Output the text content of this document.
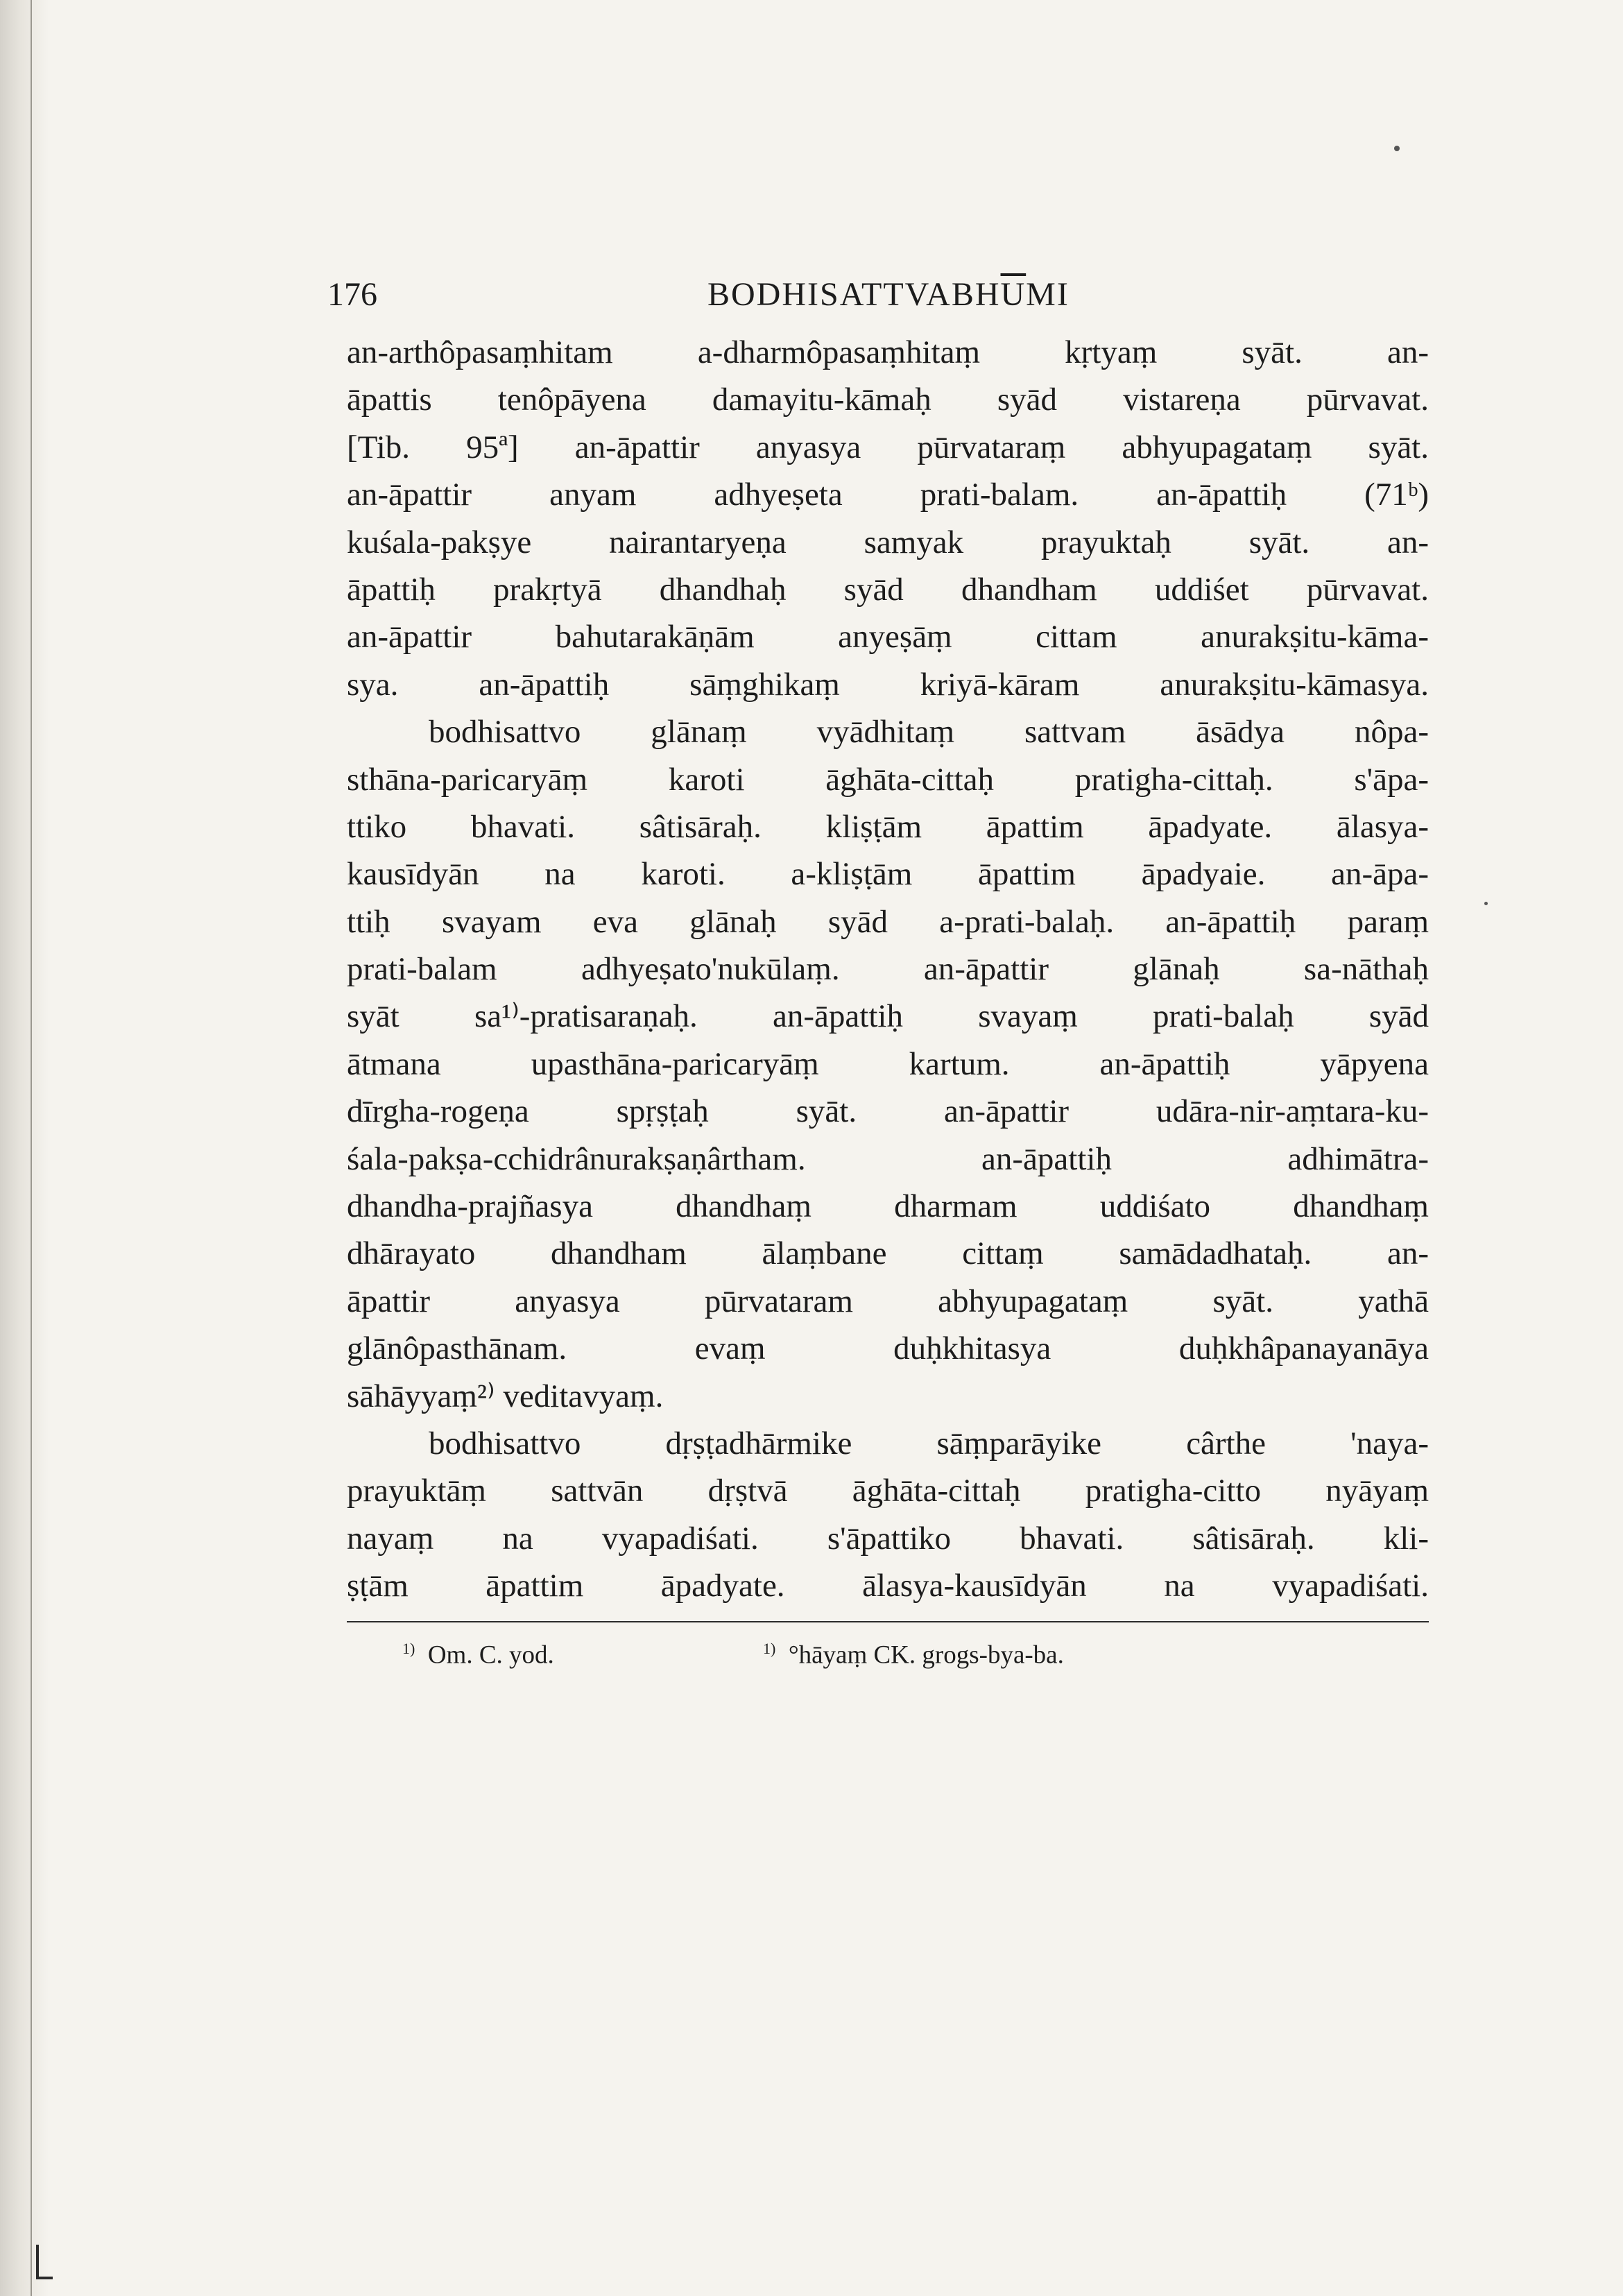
176	$BODHISATTVABH\overline{U}MI$
an-arthôpasaṃhitam a-dharmôpasaṃhitaṃ kṛtyaṃ syāt. an-
āpattis tenôpāyena damayitu-kāmaḥ syād vistareṇa pūrvavat.
[Tib. 95ª] an-āpattir anyasya pūrvataraṃ abhyupagataṃ syāt.
an-āpattir anyam adhyeṣeta prati-balam. an-āpattiḥ (71ᵇ)
kuśala-pakṣye nairantaryeṇa samyak prayuktaḥ syāt. an-
āpattiḥ prakṛtyā dhandhaḥ syād dhandham uddiśet pūrvavat.
an-āpattir bahutarakāṇām anyeṣāṃ cittam anurakṣitu-kāma-
sya. an-āpattiḥ sāṃghikaṃ kriyā-kāram anurakṣitu-kāmasya.
bodhisattvo glānaṃ vyādhitaṃ sattvam āsādya nôpa-
sthāna-paricaryāṃ karoti āghāta-cittaḥ pratigha-cittaḥ. s'āpa-
ttiko bhavati. sâtisāraḥ. kliṣṭām āpattim āpadyate. ālasya-
kausīdyān na karoti. a-kliṣṭām āpattim āpadyaie. an-āpa-
ttiḥ svayam eva glānaḥ syād a-prati-balaḥ. an-āpattiḥ paraṃ
prati-balam adhyeṣato'nukūlaṃ. an-āpattir glānaḥ sa-nāthaḥ
syāt sa¹⁾-pratisaraṇaḥ. an-āpattiḥ svayaṃ prati-balaḥ syād
ātmana upasthāna-paricaryāṃ kartum. an-āpattiḥ yāpyena
dīrgha-rogeṇa spṛṣṭaḥ syāt. an-āpattir udāra-nir-aṃtara-ku-
śala-pakṣa-cchidrânurakṣaṇârtham. an-āpattiḥ adhimātra-
dhandha-prajñasya dhandhaṃ dharmam uddiśato dhandhaṃ
dhārayato dhandham ālaṃbane cittaṃ samādadhataḥ. an-
āpattir anyasya pūrvataram abhyupagataṃ syāt. yathā
glānôpasthānam. evaṃ duḥkhitasya duḥkhâpanayanāya
sāhāyyaṃ²⁾ veditavyaṃ.
bodhisattvo dṛṣṭadhārmike sāṃparāyike cârthe 'naya-
prayuktāṃ sattvān dṛṣtvā āghāta-cittaḥ pratigha-citto nyāyaṃ
nayaṃ na vyapadiśati. s'āpattiko bhavati. sâtisāraḥ. kli-
ṣṭām āpattim āpadyate. ālasya-kausīdyān na vyapadiśati.
$^{1)}$ Om. C. yod.	$^{1)}$ °hāyaṃ CK. grogs-bya-ba.
